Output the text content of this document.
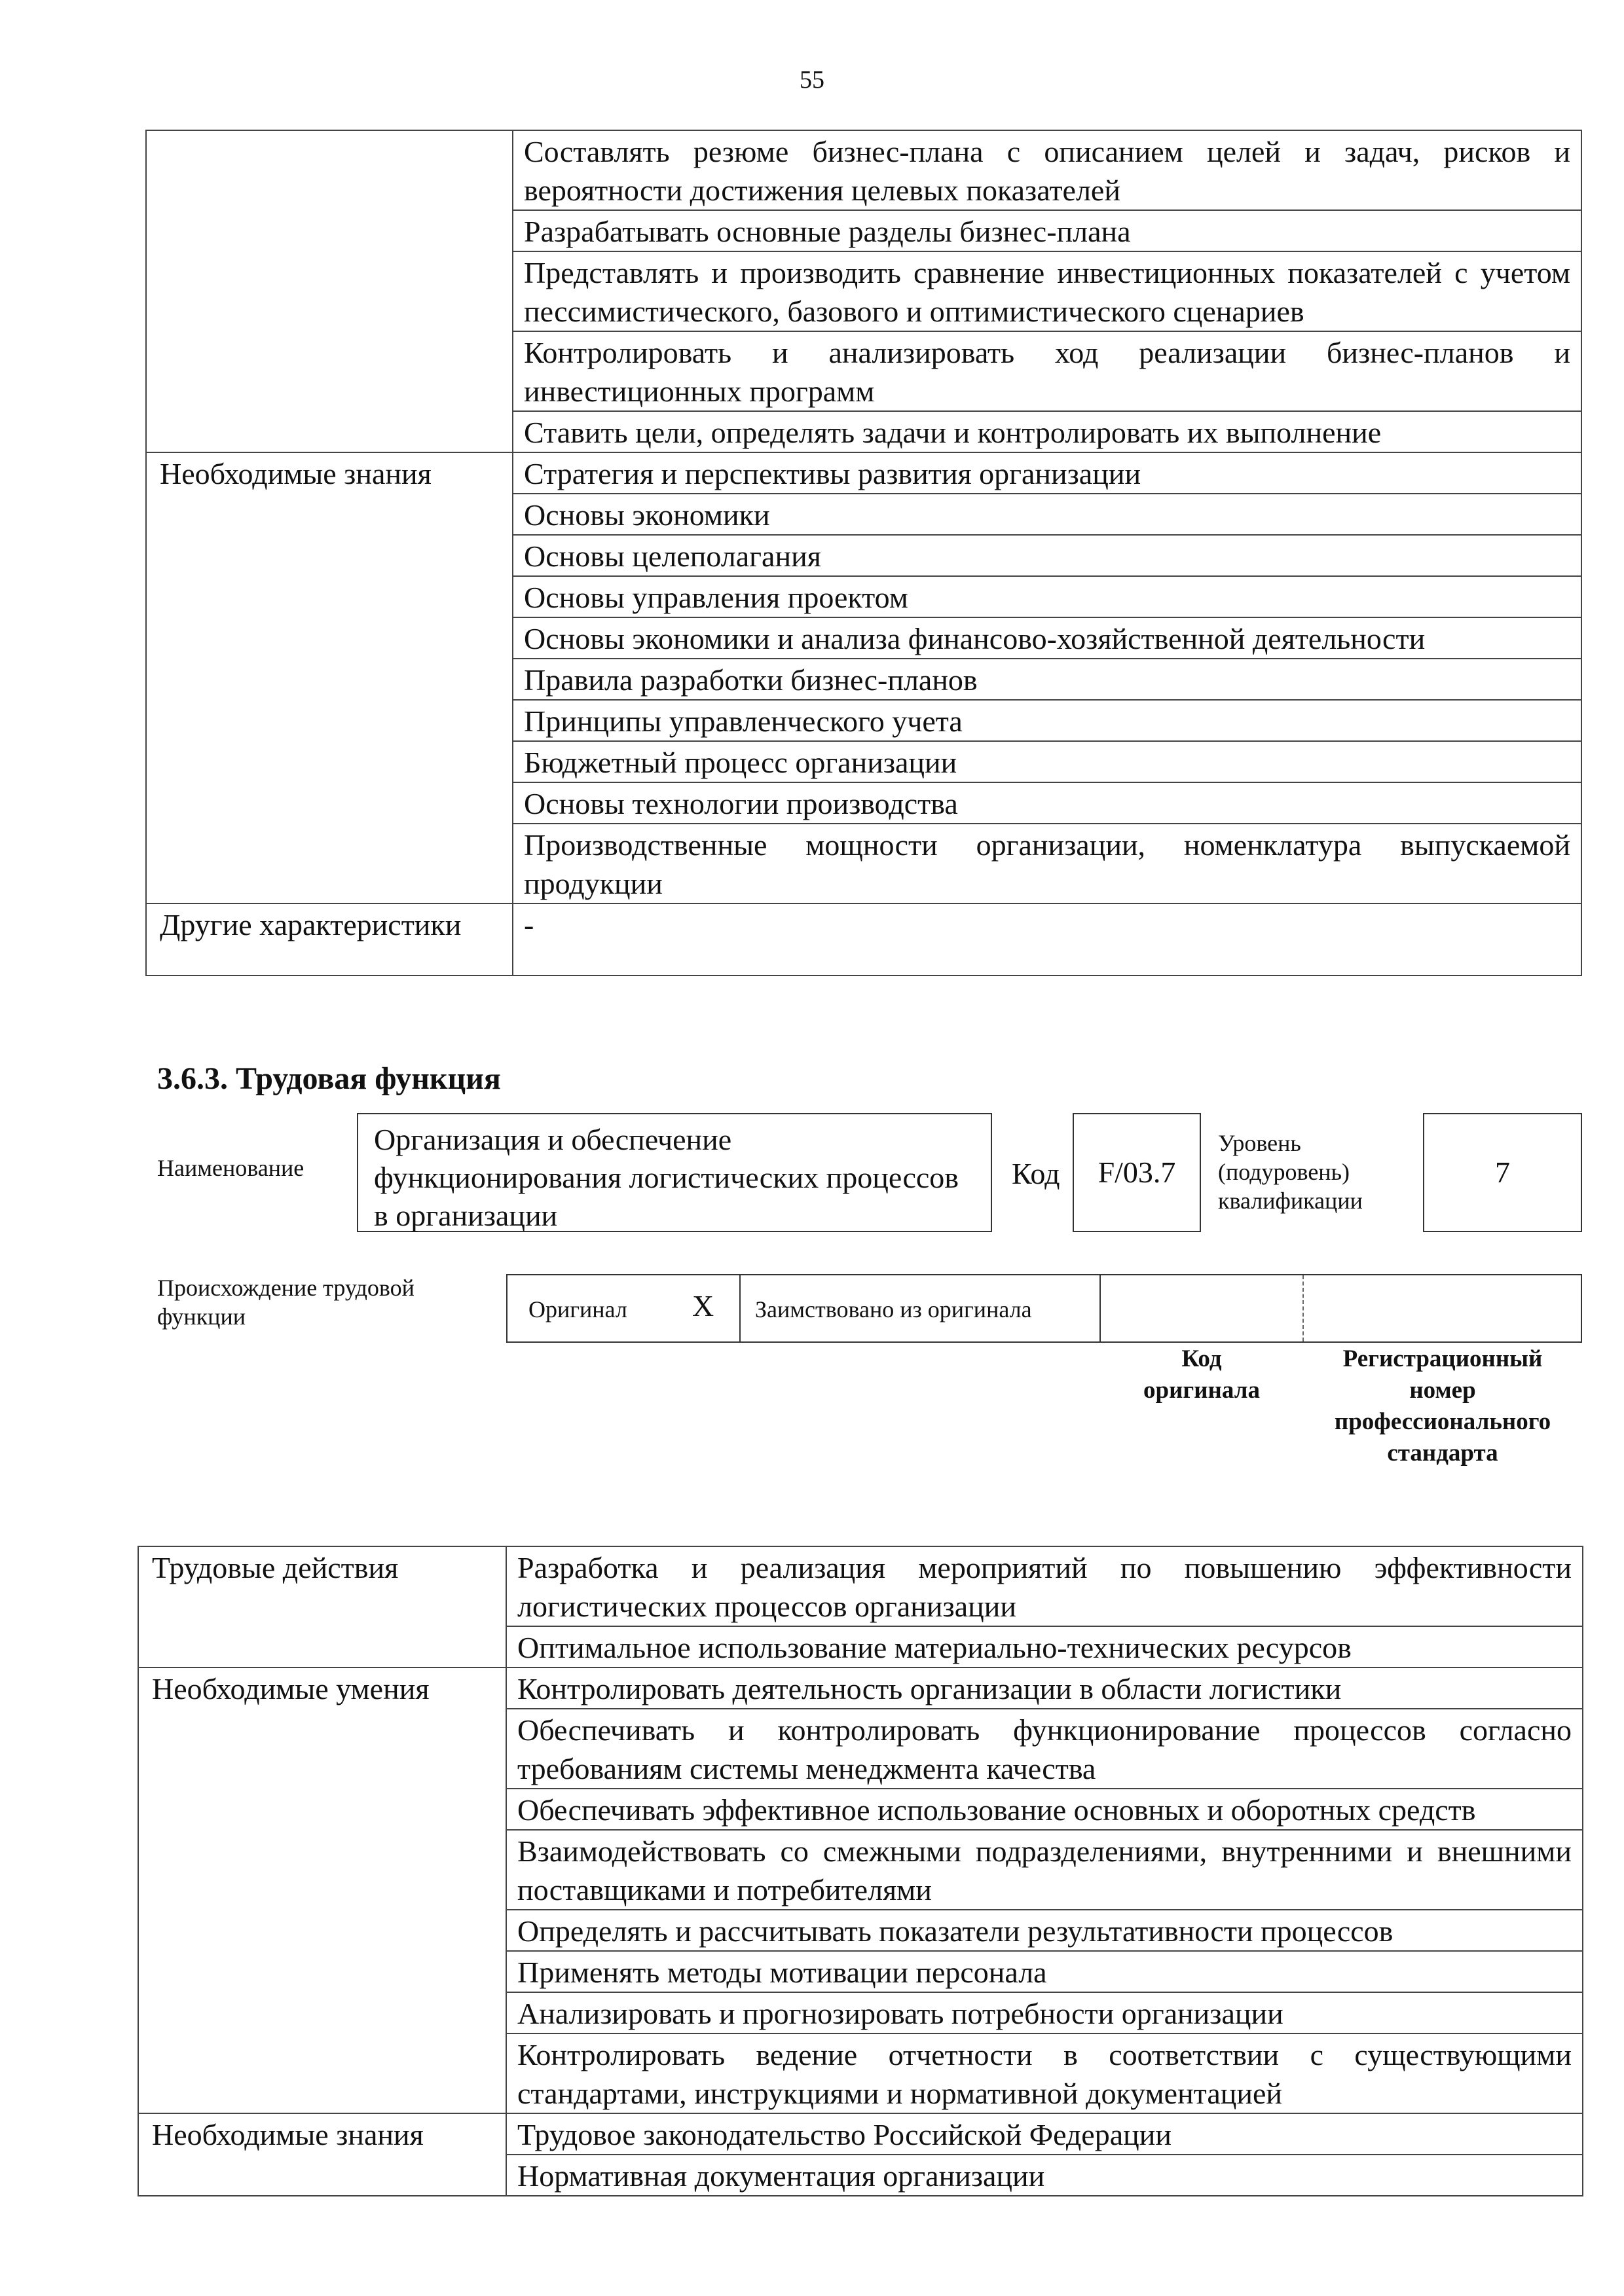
55
	Составлять резюме бизнес-плана с описанием целей и задач, рисков и вероятности достижения целевых показателей
	Разрабатывать основные разделы бизнес-плана
	Представлять и производить сравнение инвестиционных показателей с учетом пессимистического, базового и оптимистического сценариев
	Контролировать и анализировать ход реализации бизнес-планов и инвестиционных программ
	Ставить цели, определять задачи и контролировать их выполнение
Необходимые знания	Стратегия и перспективы развития организации
	Основы экономики
	Основы целеполагания
	Основы управления проектом
	Основы экономики и анализа финансово-хозяйственной деятельности
	Правила разработки бизнес-планов
	Принципы управленческого учета
	Бюджетный процесс организации
	Основы технологии производства
	Производственные мощности организации, номенклатура выпускаемой продукции
Другие характеристики	-
3.6.3. Трудовая функция
Наименование
Организация и обеспечение функционирования логистических процессов в организации
Код	F/03.7
Уровень
(подуровень)
квалификации
7
Происхождение трудовой функции	Оригинал X Заимствовано из оригинала
Код
оригинала
Регистрационный
номер
профессионального
стандарта
Трудовые действия	Разработка и реализация мероприятий по повышению эффективности логистических процессов организации
	Оптимальное использование материально-технических ресурсов
Необходимые умения	Контролировать деятельность организации в области логистики
	Обеспечивать и контролировать функционирование процессов согласно требованиям системы менеджмента качества
	Обеспечивать эффективное использование основных и оборотных средств
	Взаимодействовать со смежными подразделениями, внутренними и внешними поставщиками и потребителями
	Определять и рассчитывать показатели результативности процессов
	Применять методы мотивации персонала
	Анализировать и прогнозировать потребности организации
	Контролировать ведение отчетности в соответствии с существующими стандартами, инструкциями и нормативной документацией
Необходимые знания	Трудовое законодательство Российской Федерации
	Нормативная документация организации
